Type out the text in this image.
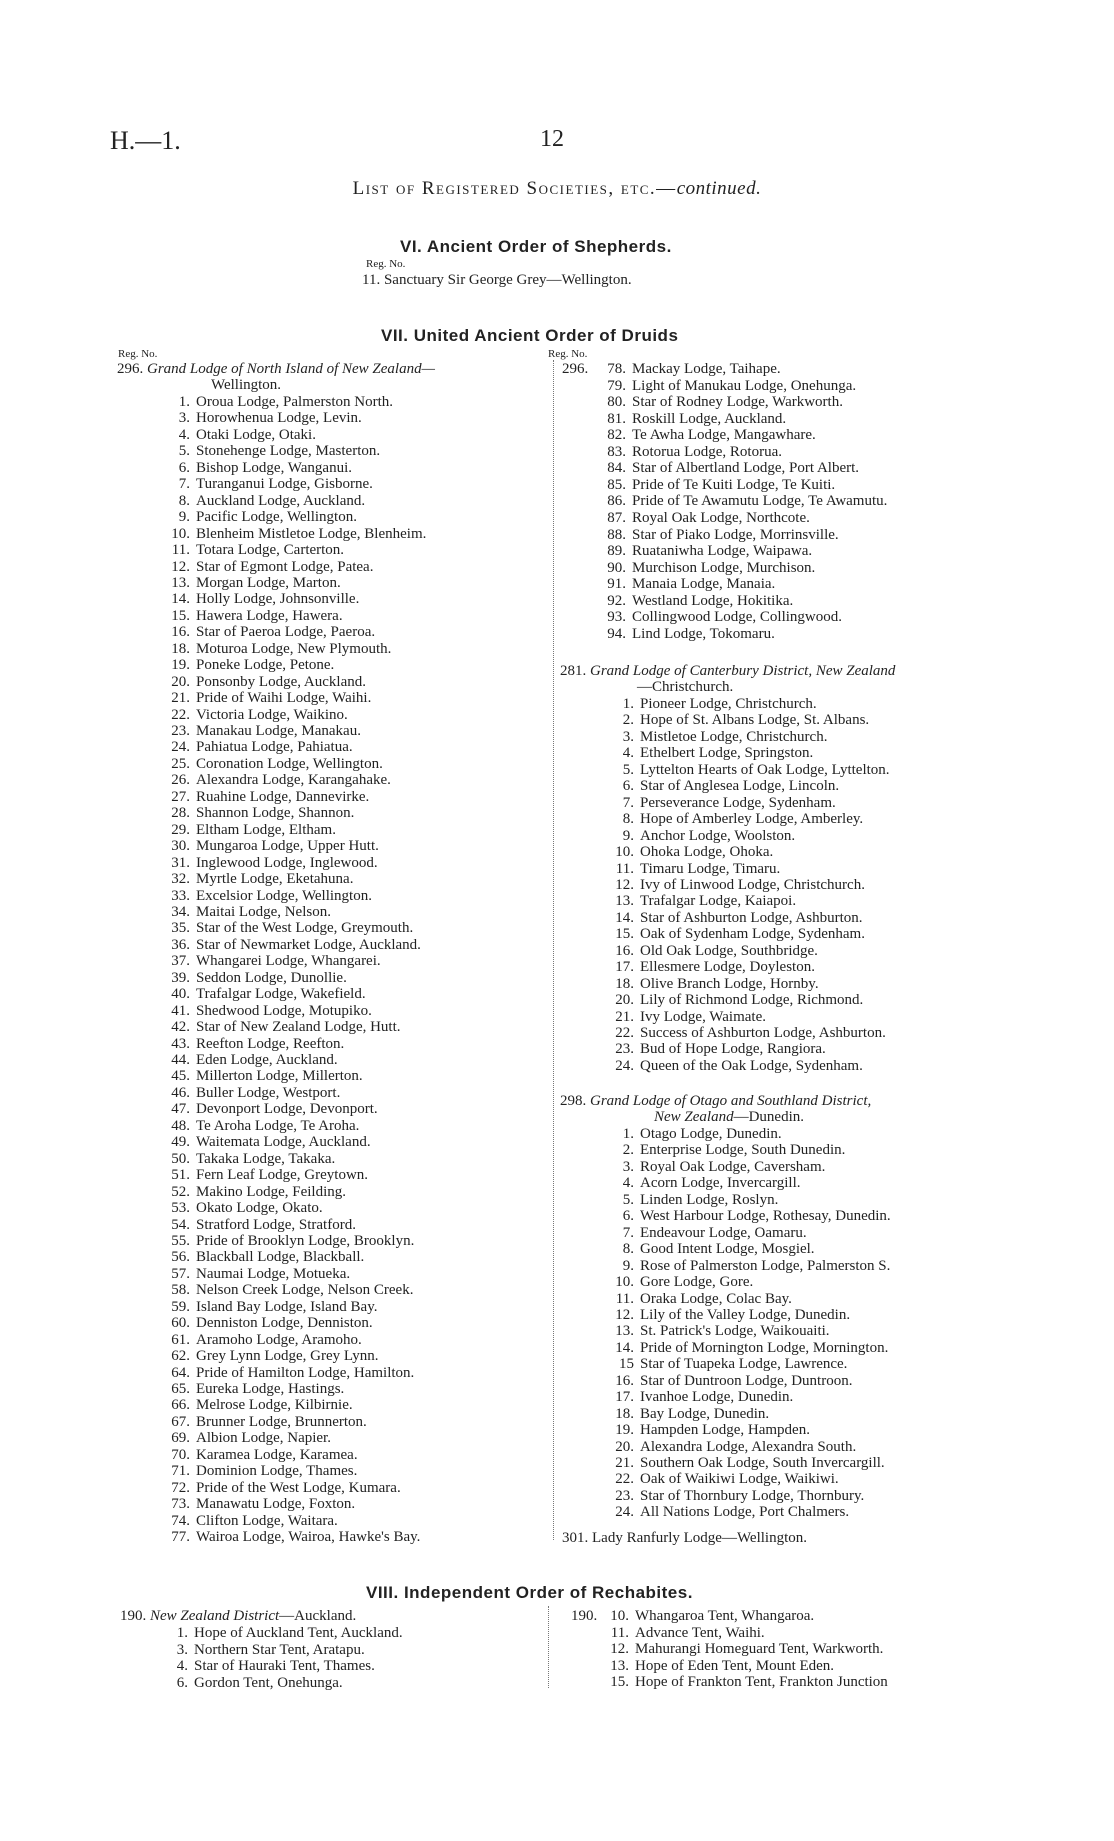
H.—1.	12
List of Registered Societies, etc.—continued.
VI. Ancient Order of Shepherds.
Reg. No.
11. Sanctuary Sir George Grey—Wellington.
VII. United Ancient Order of Druids
Reg. No.	Reg. No.
296. Grand Lodge of North Island of New Zealand—
Wellington.
1. Oroua Lodge, Palmerston North.
3. Horowhenua Lodge, Levin.
4. Otaki Lodge, Otaki.
5. Stonehenge Lodge, Masterton.
6. Bishop Lodge, Wanganui.
7. Turanganui Lodge, Gisborne.
8. Auckland Lodge, Auckland.
9. Pacific Lodge, Wellington.
10. Blenheim Mistletoe Lodge, Blenheim.
11. Totara Lodge, Carterton.
12. Star of Egmont Lodge, Patea.
13. Morgan Lodge, Marton.
14. Holly Lodge, Johnsonville.
15. Hawera Lodge, Hawera.
16. Star of Paeroa Lodge, Paeroa.
18. Moturoa Lodge, New Plymouth.
19. Poneke Lodge, Petone.
20. Ponsonby Lodge, Auckland.
21. Pride of Waihi Lodge, Waihi.
22. Victoria Lodge, Waikino.
23. Manakau Lodge, Manakau.
24. Pahiatua Lodge, Pahiatua.
25. Coronation Lodge, Wellington.
26. Alexandra Lodge, Karangahake.
27. Ruahine Lodge, Dannevirke.
28. Shannon Lodge, Shannon.
29. Eltham Lodge, Eltham.
30. Mungaroa Lodge, Upper Hutt.
31. Inglewood Lodge, Inglewood.
32. Myrtle Lodge, Eketahuna.
33. Excelsior Lodge, Wellington.
34. Maitai Lodge, Nelson.
35. Star of the West Lodge, Greymouth.
36. Star of Newmarket Lodge, Auckland.
37. Whangarei Lodge, Whangarei.
39. Seddon Lodge, Dunollie.
40. Trafalgar Lodge, Wakefield.
41. Shedwood Lodge, Motupiko.
42. Star of New Zealand Lodge, Hutt.
43. Reefton Lodge, Reefton.
44. Eden Lodge, Auckland.
45. Millerton Lodge, Millerton.
46. Buller Lodge, Westport.
47. Devonport Lodge, Devonport.
48. Te Aroha Lodge, Te Aroha.
49. Waitemata Lodge, Auckland.
50. Takaka Lodge, Takaka.
51. Fern Leaf Lodge, Greytown.
52. Makino Lodge, Feilding.
53. Okato Lodge, Okato.
54. Stratford Lodge, Stratford.
55. Pride of Brooklyn Lodge, Brooklyn.
56. Blackball Lodge, Blackball.
57. Naumai Lodge, Motueka.
58. Nelson Creek Lodge, Nelson Creek.
59. Island Bay Lodge, Island Bay.
60. Denniston Lodge, Denniston.
61. Aramoho Lodge, Aramoho.
62. Grey Lynn Lodge, Grey Lynn.
64. Pride of Hamilton Lodge, Hamilton.
65. Eureka Lodge, Hastings.
66. Melrose Lodge, Kilbirnie.
67. Brunner Lodge, Brunnerton.
69. Albion Lodge, Napier.
70. Karamea Lodge, Karamea.
71. Dominion Lodge, Thames.
72. Pride of the West Lodge, Kumara.
73. Manawatu Lodge, Foxton.
74. Clifton Lodge, Waitara.
77. Wairoa Lodge, Wairoa, Hawke's Bay.
296. 78. Mackay Lodge, Taihape.
79. Light of Manukau Lodge, Onehunga.
80. Star of Rodney Lodge, Warkworth.
81. Roskill Lodge, Auckland.
82. Te Awha Lodge, Mangawhare.
83. Rotorua Lodge, Rotorua.
84. Star of Albertland Lodge, Port Albert.
85. Pride of Te Kuiti Lodge, Te Kuiti.
86. Pride of Te Awamutu Lodge, Te Awamutu.
87. Royal Oak Lodge, Northcote.
88. Star of Piako Lodge, Morrinsville.
89. Ruataniwha Lodge, Waipawa.
90. Murchison Lodge, Murchison.
91. Manaia Lodge, Manaia.
92. Westland Lodge, Hokitika.
93. Collingwood Lodge, Collingwood.
94. Lind Lodge, Tokomaru.
281. Grand Lodge of Canterbury District, New Zealand
—Christchurch.
1. Pioneer Lodge, Christchurch.
2. Hope of St. Albans Lodge, St. Albans.
3. Mistletoe Lodge, Christchurch.
4. Ethelbert Lodge, Springston.
5. Lyttelton Hearts of Oak Lodge, Lyttelton.
6. Star of Anglesea Lodge, Lincoln.
7. Perseverance Lodge, Sydenham.
8. Hope of Amberley Lodge, Amberley.
9. Anchor Lodge, Woolston.
10. Ohoka Lodge, Ohoka.
11. Timaru Lodge, Timaru.
12. Ivy of Linwood Lodge, Christchurch.
13. Trafalgar Lodge, Kaiapoi.
14. Star of Ashburton Lodge, Ashburton.
15. Oak of Sydenham Lodge, Sydenham.
16. Old Oak Lodge, Southbridge.
17. Ellesmere Lodge, Doyleston.
18. Olive Branch Lodge, Hornby.
20. Lily of Richmond Lodge, Richmond.
21. Ivy Lodge, Waimate.
22. Success of Ashburton Lodge, Ashburton.
23. Bud of Hope Lodge, Rangiora.
24. Queen of the Oak Lodge, Sydenham.
298. Grand Lodge of Otago and Southland District,
New Zealand—Dunedin.
1. Otago Lodge, Dunedin.
2. Enterprise Lodge, South Dunedin.
3. Royal Oak Lodge, Caversham.
4. Acorn Lodge, Invercargill.
5. Linden Lodge, Roslyn.
6. West Harbour Lodge, Rothesay, Dunedin.
7. Endeavour Lodge, Oamaru.
8. Good Intent Lodge, Mosgiel.
9. Rose of Palmerston Lodge, Palmerston S.
10. Gore Lodge, Gore.
11. Oraka Lodge, Colac Bay.
12. Lily of the Valley Lodge, Dunedin.
13. St. Patrick's Lodge, Waikouaiti.
14. Pride of Mornington Lodge, Mornington.
15 Star of Tuapeka Lodge, Lawrence.
16. Star of Duntroon Lodge, Duntroon.
17. Ivanhoe Lodge, Dunedin.
18. Bay Lodge, Dunedin.
19. Hampden Lodge, Hampden.
20. Alexandra Lodge, Alexandra South.
21. Southern Oak Lodge, South Invercargill.
22. Oak of Waikiwi Lodge, Waikiwi.
23. Star of Thornbury Lodge, Thornbury.
24. All Nations Lodge, Port Chalmers.
301. Lady Ranfurly Lodge—Wellington.
VIII. Independent Order of Rechabites.
190. New Zealand District—Auckland.
1. Hope of Auckland Tent, Auckland.
3. Northern Star Tent, Aratapu.
4. Star of Hauraki Tent, Thames.
6. Gordon Tent, Onehunga.
190. 10. Whangaroa Tent, Whangaroa.
11. Advance Tent, Waihi.
12. Mahurangi Homeguard Tent, Warkworth.
13. Hope of Eden Tent, Mount Eden.
15. Hope of Frankton Tent, Frankton Junction
